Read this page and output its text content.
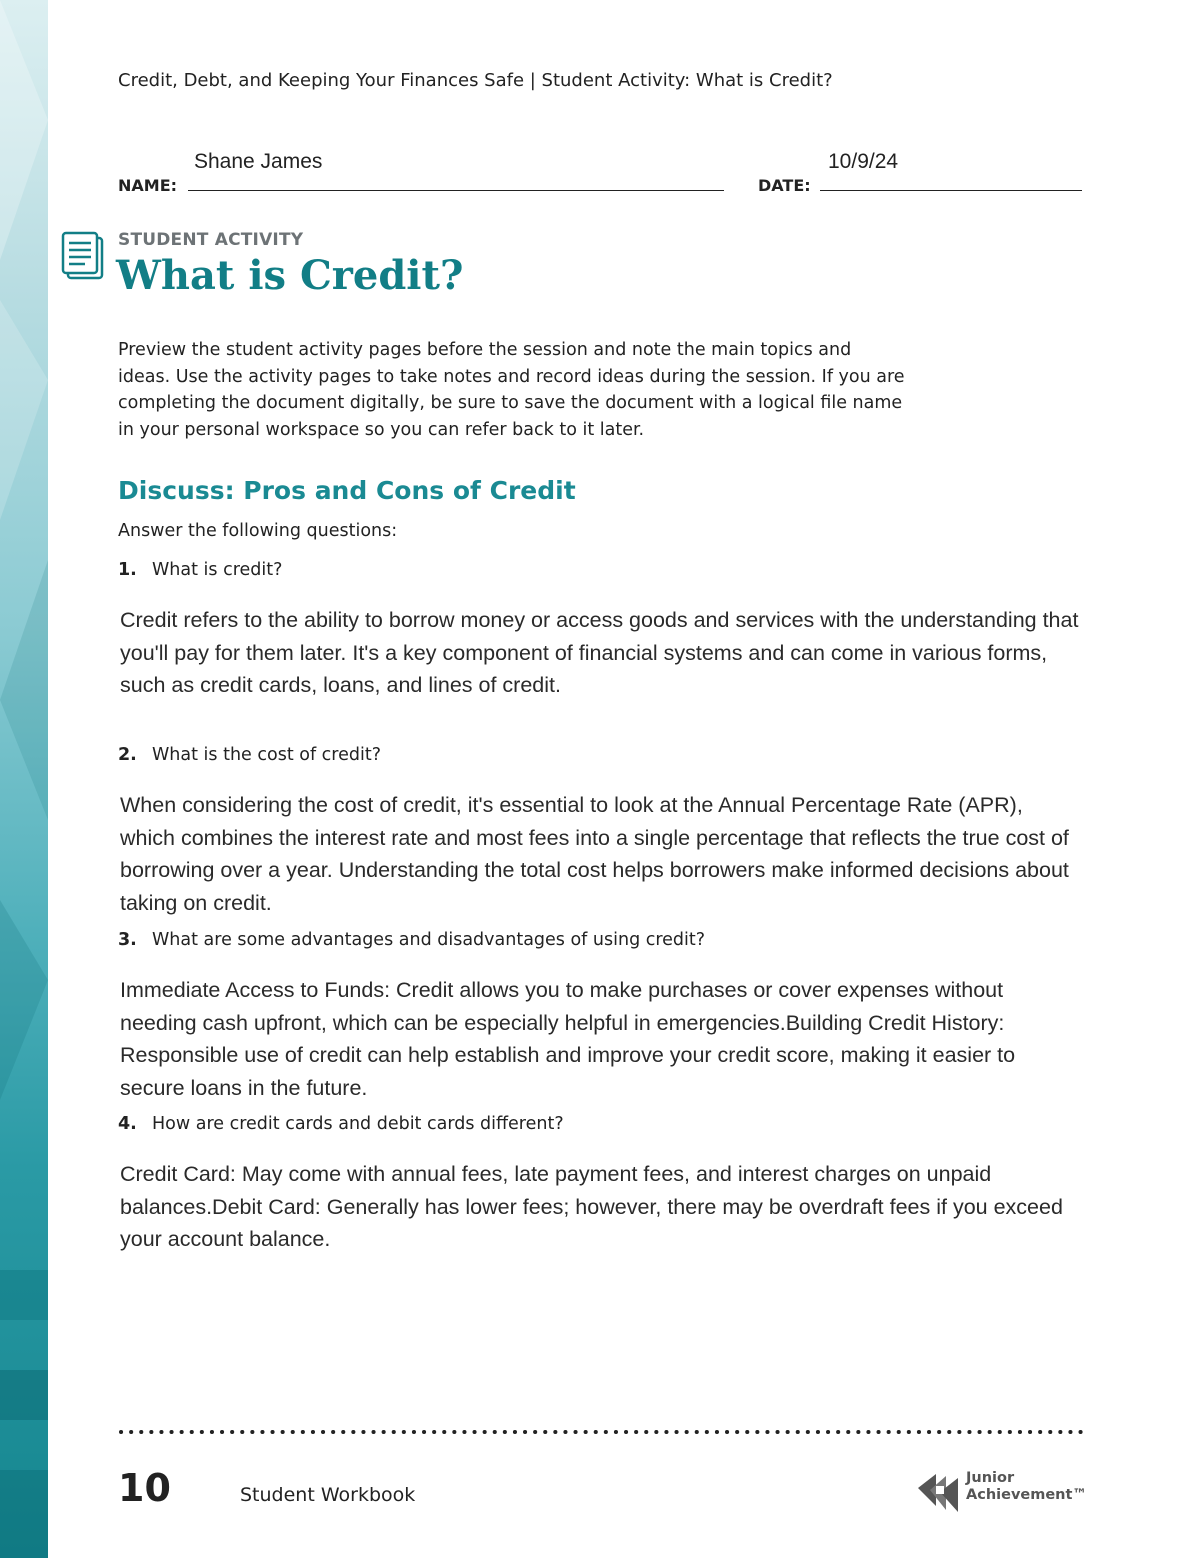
Credit, Debt, and Keeping Your Finances Safe | Student Activity: What is Credit?
NAME:
Shane James
DATE:
10/9/24
STUDENT ACTIVITY
What is Credit?
Preview the student activity pages before the session and note the main topics and ideas. Use the activity pages to take notes and record ideas during the session. If you are completing the document digitally, be sure to save the document with a logical file name in your personal workspace so you can refer back to it later.
Discuss: Pros and Cons of Credit
Answer the following questions:
1. What is credit?
Credit refers to the ability to borrow money or access goods and services with the understanding that you'll pay for them later. It's a key component of financial systems and can come in various forms, such as credit cards, loans, and lines of credit.
2. What is the cost of credit?
When considering the cost of credit, it's essential to look at the Annual Percentage Rate (APR), which combines the interest rate and most fees into a single percentage that reflects the true cost of borrowing over a year. Understanding the total cost helps borrowers make informed decisions about taking on credit.
3. What are some advantages and disadvantages of using credit?
Immediate Access to Funds: Credit allows you to make purchases or cover expenses without needing cash upfront, which can be especially helpful in emergencies.Building Credit History: Responsible use of credit can help establish and improve your credit score, making it easier to secure loans in the future.
4. How are credit cards and debit cards different?
Credit Card: May come with annual fees, late payment fees, and interest charges on unpaid balances.Debit Card: Generally has lower fees; however, there may be overdraft fees if you exceed your account balance.
10	Student Workbook
Junior
Achievement™
